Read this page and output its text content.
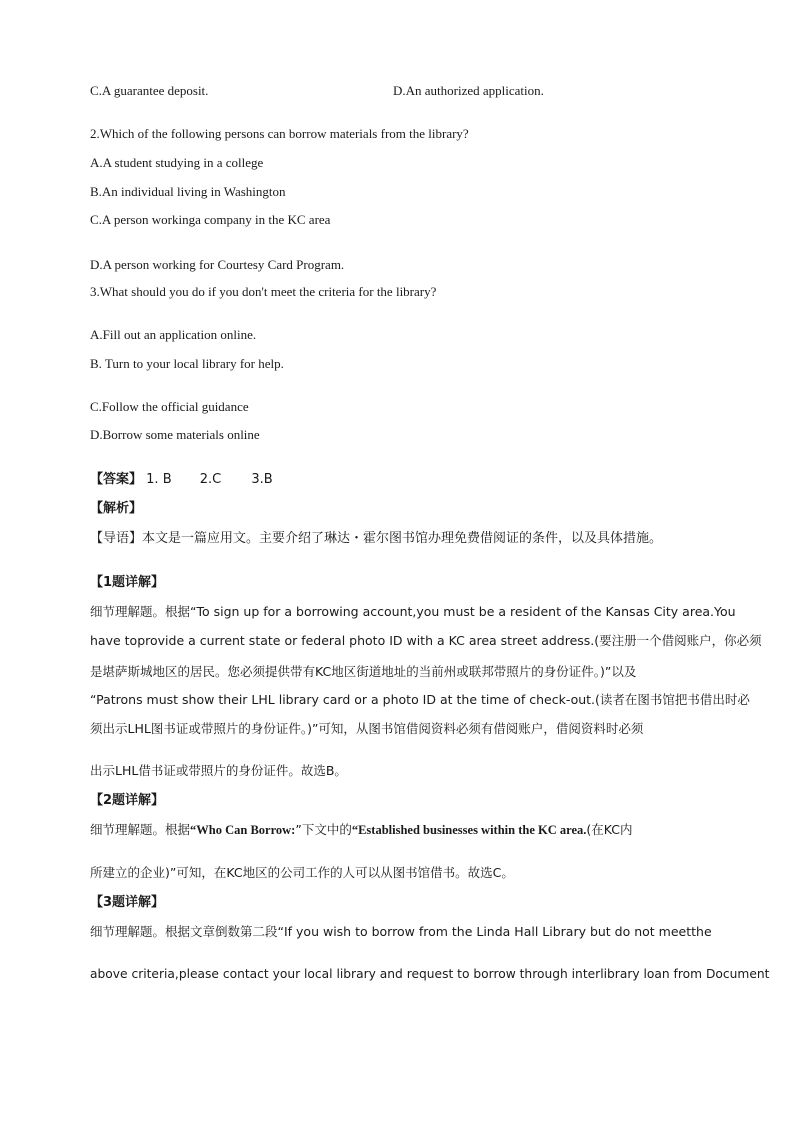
C.A guarantee deposit.	D.An authorized application.
2.Which of the following persons can borrow materials from the library?
A.A student studying in a college
B.An individual living in Washington
C.A person workinga company in the KC area
D.A person working for Courtesy Card Program.
3.What should you do if you don't meet the criteria for the library?
A.Fill out an application online.
B. Turn to your local library for help.
C.Follow the official guidance
D.Borrow some materials online
【答案】 1. B 2.C 3.B
【解析】
【导语】本文是一篇应用文。主要介绍了琳达・霍尔图书馆办理免费借阅证的条件，以及具体措施。
【1题详解】
细节理解题。根据“To sign up for a borrowing account,you must be a resident of the Kansas City area.You
have toprovide a current state or federal photo ID with a KC area street address.(要注册一个借阅账户，你必须
是堪萨斯城地区的居民。您必须提供带有KC地区街道地址的当前州或联邦带照片的身份证件。)”以及
“Patrons must show their LHL library card or a photo ID at the time of check-out.(读者在图书馆把书借出时必
须出示LHL图书证或带照片的身份证件。)”可知，从图书馆借阅资料必须有借阅账户，借阅资料时必须
出示LHL借书证或带照片的身份证件。故选B。
【2题详解】
细节理解题。根据“Who Can Borrow:”下文中的“Established businesses within the KC area.(在KC内
所建立的企业)”可知，在KC地区的公司工作的人可以从图书馆借书。故选C。
【3题详解】
细节理解题。根据文章倒数第二段“If you wish to borrow from the Linda Hall Library but do not meetthe
above criteria,please contact your local library and request to borrow through interlibrary loan from Document
